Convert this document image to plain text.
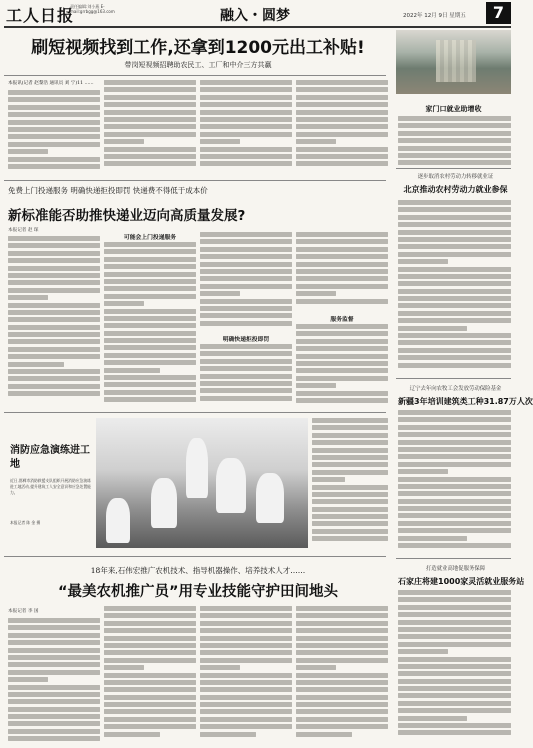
工人日报
责任编辑:刘小燕 E-mail:grrbgg@163.com	融入・圆梦	2022年 12月 9日 星期五	7
刷短视频找到工作,还拿到1200元出工补贴!
带岗短视频招聘助农民工、工厂和中介三方共赢
本报讯(记者 赵黎浩 通讯员 刘 宁)11 ……
家门口就业助增收
免费上门投递服务 明确快递拒投即罚 快递费不得低于成本价
新标准能否助推快递业迈向高质量发展?
本报记者 赵 琛
可能会上门投递服务
明确快递拒投即罚
服务监督
逐步取消农村劳动力转移就业证
北京推动农村劳动力就业参保
辽宁去年向农牧工会发放劳动保险基金
新疆3年培训建筑类工种31.87万人次
打造就业高地促服务保障
石家庄将建1000家灵活就业服务站
消防应急演练进工地
近日,邯郸市消防救援支队组织开展消防应急演练进工地活动,提升建筑工人安全意识和应急处置能力。
本报记者 陈 金 摄
18年来,石伟宏推广农机技术、指导机器操作、培养技术人才……
“最美农机推广员”用专业技能守护田间地头
本报记者 李 国
